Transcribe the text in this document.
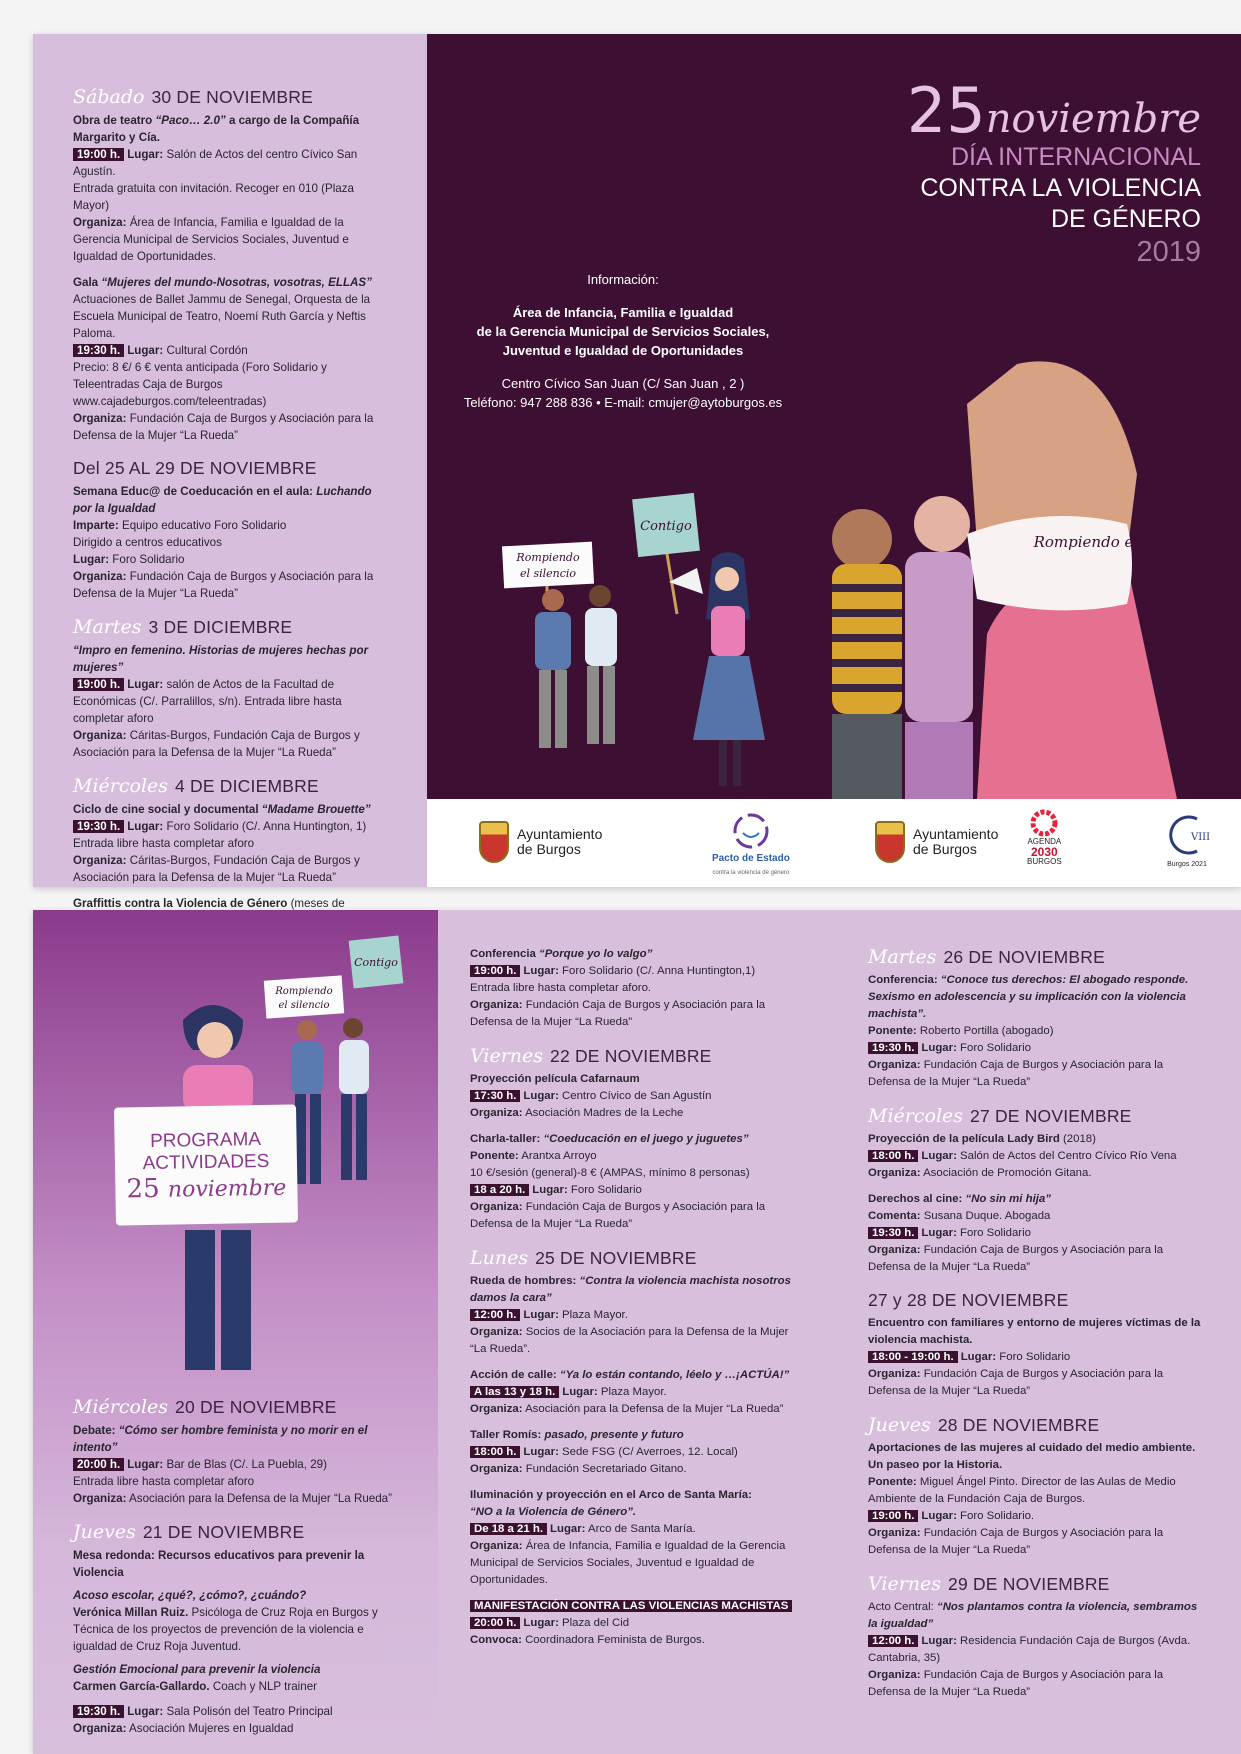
Sábado 30 DE NOVIEMBRE

Obra de teatro “Paco… 2.0” a cargo de la Compañía Margarito y Cía.

19:00 h. Lugar: Salón de Actos del centro Cívico San Agustín.

Entrada gratuita con invitación. Recoger en 010 (Plaza Mayor)

Organiza: Área de Infancia, Familia e Igualdad de la Gerencia Municipal de Servicios Sociales, Juventud e Igualdad de Oportunidades.

Gala “Mujeres del mundo-Nosotras, vosotras, ELLAS”

Actuaciones de Ballet Jammu de Senegal, Orquesta de la Escuela Municipal de Teatro, Noemí Ruth García y Neftis Paloma.

19:30 h. Lugar: Cultural Cordón

Precio: 8 €/ 6 € venta anticipada (Foro Solidario y Teleentradas Caja de Burgos www.cajadeburgos.com/teleentradas)

Organiza: Fundación Caja de Burgos y Asociación para la Defensa de la Mujer “La Rueda”

Del 25 AL 29 DE NOVIEMBRE

Semana Educ@ de Coeducación en el aula: Luchando por la Igualdad

Imparte: Equipo educativo Foro Solidario

Dirigido a centros educativos

Lugar: Foro Solidario

Organiza: Fundación Caja de Burgos y Asociación para la Defensa de la Mujer “La Rueda”

Martes 3 DE DICIEMBRE

“Impro en femenino. Historias de mujeres hechas por mujeres”

19:00 h. Lugar: salón de Actos de la Facultad de Económicas (C/. Parralillos, s/n). Entrada libre hasta completar aforo

Organiza: Cáritas-Burgos, Fundación Caja de Burgos y Asociación para la Defensa de la Mujer “La Rueda”

Miércoles 4 DE DICIEMBRE

Ciclo de cine social y documental “Madame Brouette”

19:30 h. Lugar: Foro Solidario (C/. Anna Huntington, 1)

Entrada libre hasta completar aforo

Organiza: Cáritas-Burgos, Fundación Caja de Burgos y Asociación para la Defensa de la Mujer “La Rueda”

Graffittis contra la Violencia de Género (meses de

25noviembre
DÍA INTERNACIONAL
CONTRA LA VIOLENCIA
DE GÉNERO
2019
Información:
Área de Infancia, Familia e Igualdad
de la Gerencia Municipal de Servicios Sociales,
Juventud e Igualdad de Oportunidades
Centro Cívico San Juan (C/ San Juan , 2 )
Teléfono: 947 288 836 • E-mail: cmujer@aytoburgos.es
Rompiendo
el silencio
Contigo
Rompiendo el silencio
contigo
Ayuntamiento
de Burgos
Pacto de Estado
contra la violencia de género
Ayuntamiento
de Burgos	AGENDA
2030
BURGOS
VIII
Burgos 2021
Rompiendo
el silencio
Contigo
PROGRAMA
ACTIVIDADES
25 noviembre
Miércoles 20 DE NOVIEMBRE

Debate: “Cómo ser hombre feminista y no morir en el intento”

20:00 h. Lugar: Bar de Blas (C/. La Puebla, 29)

Entrada libre hasta completar aforo

Organiza: Asociación para la Defensa de la Mujer “La Rueda”

Jueves 21 DE NOVIEMBRE

Mesa redonda: Recursos educativos para prevenir la Violencia

Acoso escolar, ¿qué?, ¿cómo?, ¿cuándo?

Verónica Millan Ruiz. Psicóloga de Cruz Roja en Burgos y Técnica de los proyectos de prevención de la violencia e igualdad de Cruz Roja Juventud.

Gestión Emocional para prevenir la violencia

Carmen García-Gallardo. Coach y NLP trainer

19:30 h. Lugar: Sala Polisón del Teatro Principal

Organiza: Asociación Mujeres en Igualdad

Conferencia “Porque yo lo valgo”

19:00 h. Lugar: Foro Solidario (C/. Anna Huntington,1)

Entrada libre hasta completar aforo.

Organiza: Fundación Caja de Burgos y Asociación para la Defensa de la Mujer “La Rueda”

Viernes 22 DE NOVIEMBRE

Proyección película Cafarnaum

17:30 h. Lugar: Centro Cívico de San Agustín

Organiza: Asociación Madres de la Leche

Charla-taller: “Coeducación en el juego y juguetes”

Ponente: Arantxa Arroyo

10 €/sesión (general)-8 € (AMPAS, mínimo 8 personas)

18 a 20 h. Lugar: Foro Solidario

Organiza: Fundación Caja de Burgos y Asociación para la Defensa de la Mujer “La Rueda”

Lunes 25 DE NOVIEMBRE

Rueda de hombres: “Contra la violencia machista nosotros damos la cara”

12:00 h. Lugar: Plaza Mayor.

Organiza: Socios de la Asociación para la Defensa de la Mujer “La Rueda”.

Acción de calle: “Ya lo están contando, léelo y …¡ACTÚA!”

A las 13 y 18 h. Lugar: Plaza Mayor.

Organiza: Asociación para la Defensa de la Mujer “La Rueda”

Taller Romís: pasado, presente y futuro

18:00 h. Lugar: Sede FSG (C/ Averroes, 12. Local)

Organiza: Fundación Secretariado Gitano.

Iluminación y proyección en el Arco de Santa María:

“NO a la Violencia de Género”.

De 18 a 21 h. Lugar: Arco de Santa María.

Organiza: Área de Infancia, Familia e Igualdad de la Gerencia Municipal de Servicios Sociales, Juventud e Igualdad de Oportunidades.

MANIFESTACIÓN CONTRA LAS VIOLENCIAS MACHISTAS

20:00 h. Lugar: Plaza del Cid

Convoca: Coordinadora Feminista de Burgos.

Martes 26 DE NOVIEMBRE

Conferencia: “Conoce tus derechos: El abogado responde. Sexismo en adolescencia y su implicación con la violencia machista”.

Ponente: Roberto Portilla (abogado)

19:30 h. Lugar: Foro Solidario

Organiza: Fundación Caja de Burgos y Asociación para la Defensa de la Mujer “La Rueda”

Miércoles 27 DE NOVIEMBRE

Proyección de la película Lady Bird (2018)

18:00 h. Lugar: Salón de Actos del Centro Cívico Río Vena

Organiza: Asociación de Promoción Gitana.

Derechos al cine: “No sin mi hija”

Comenta: Susana Duque. Abogada

19:30 h. Lugar: Foro Solidario

Organiza: Fundación Caja de Burgos y Asociación para la Defensa de la Mujer “La Rueda”

27 y 28 DE NOVIEMBRE

Encuentro con familiares y entorno de mujeres víctimas de la violencia machista.

18:00 - 19:00 h. Lugar: Foro Solidario

Organiza: Fundación Caja de Burgos y Asociación para la Defensa de la Mujer “La Rueda”

Jueves 28 DE NOVIEMBRE

Aportaciones de las mujeres al cuidado del medio ambiente. Un paseo por la Historia.

Ponente: Miguel Ángel Pinto. Director de las Aulas de Medio Ambiente de la Fundación Caja de Burgos.

19:00 h. Lugar: Foro Solidario.

Organiza: Fundación Caja de Burgos y Asociación para la Defensa de la Mujer “La Rueda”

Viernes 29 DE NOVIEMBRE

Acto Central: “Nos plantamos contra la violencia, sembramos la igualdad”

12:00 h. Lugar: Residencia Fundación Caja de Burgos (Avda. Cantabria, 35)

Organiza: Fundación Caja de Burgos y Asociación para la Defensa de la Mujer “La Rueda”
